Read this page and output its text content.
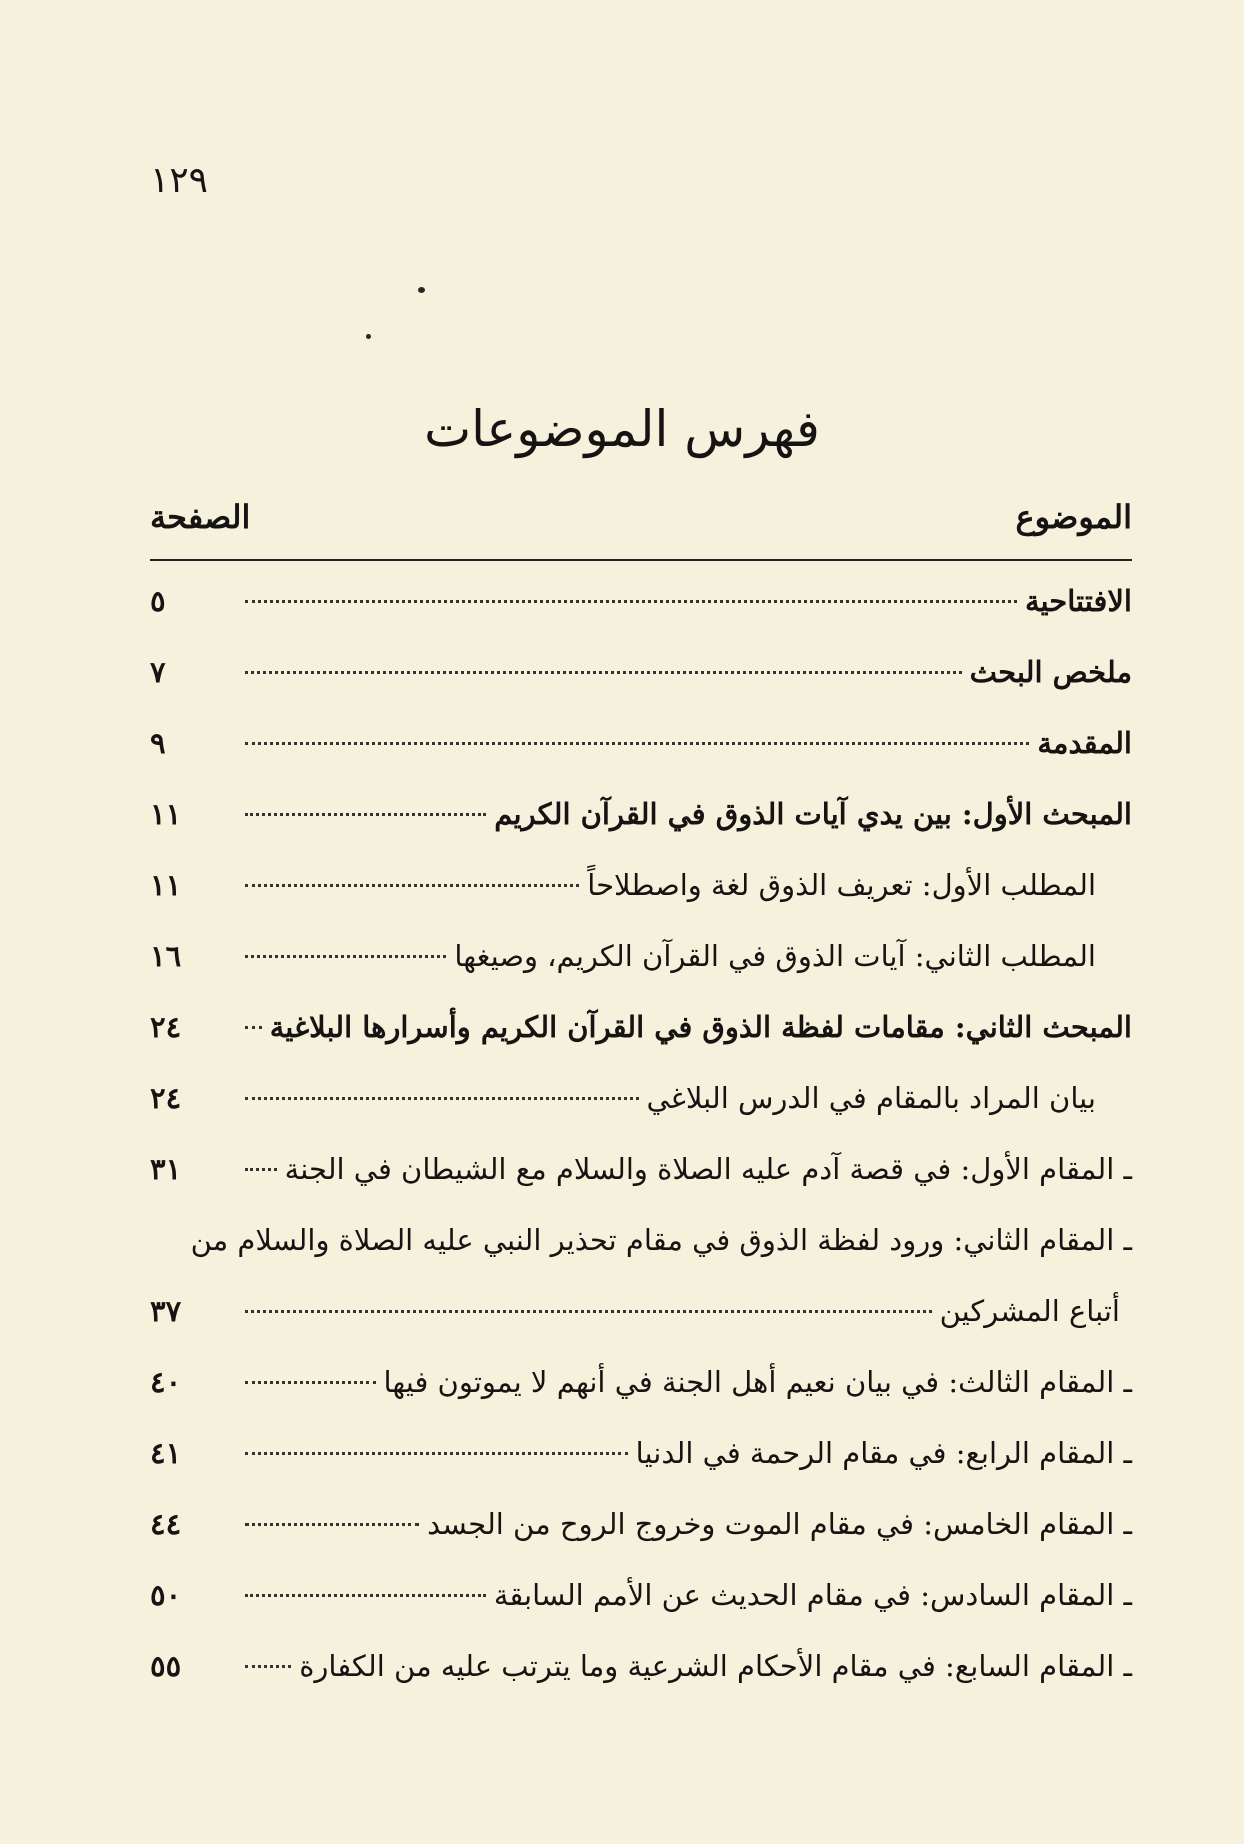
١٢٩
فهرس الموضوعات
الموضوع
الصفحة
الافتتاحية
٥
ملخص البحث
٧
المقدمة
٩
المبحث الأول: بين يدي آيات الذوق في القرآن الكريم
١١
المطلب الأول: تعريف الذوق لغة واصطلاحاً
١١
المطلب الثاني: آيات الذوق في القرآن الكريم، وصيغها
١٦
المبحث الثاني: مقامات لفظة الذوق في القرآن الكريم وأسرارها البلاغية
٢٤
بيان المراد بالمقام في الدرس البلاغي
٢٤
ـ المقام الأول: في قصة آدم عليه الصلاة والسلام مع الشيطان في الجنة
٣١
ـ المقام الثاني: ورود لفظة الذوق في مقام تحذير النبي عليه الصلاة والسلام من
أتباع المشركين
٣٧
ـ المقام الثالث: في بيان نعيم أهل الجنة في أنهم لا يموتون فيها
٤٠
ـ المقام الرابع: في مقام الرحمة في الدنيا
٤١
ـ المقام الخامس: في مقام الموت وخروج الروح من الجسد
٤٤
ـ المقام السادس: في مقام الحديث عن الأمم السابقة
٥٠
ـ المقام السابع: في مقام الأحكام الشرعية وما يترتب عليه من الكفارة
٥٥
